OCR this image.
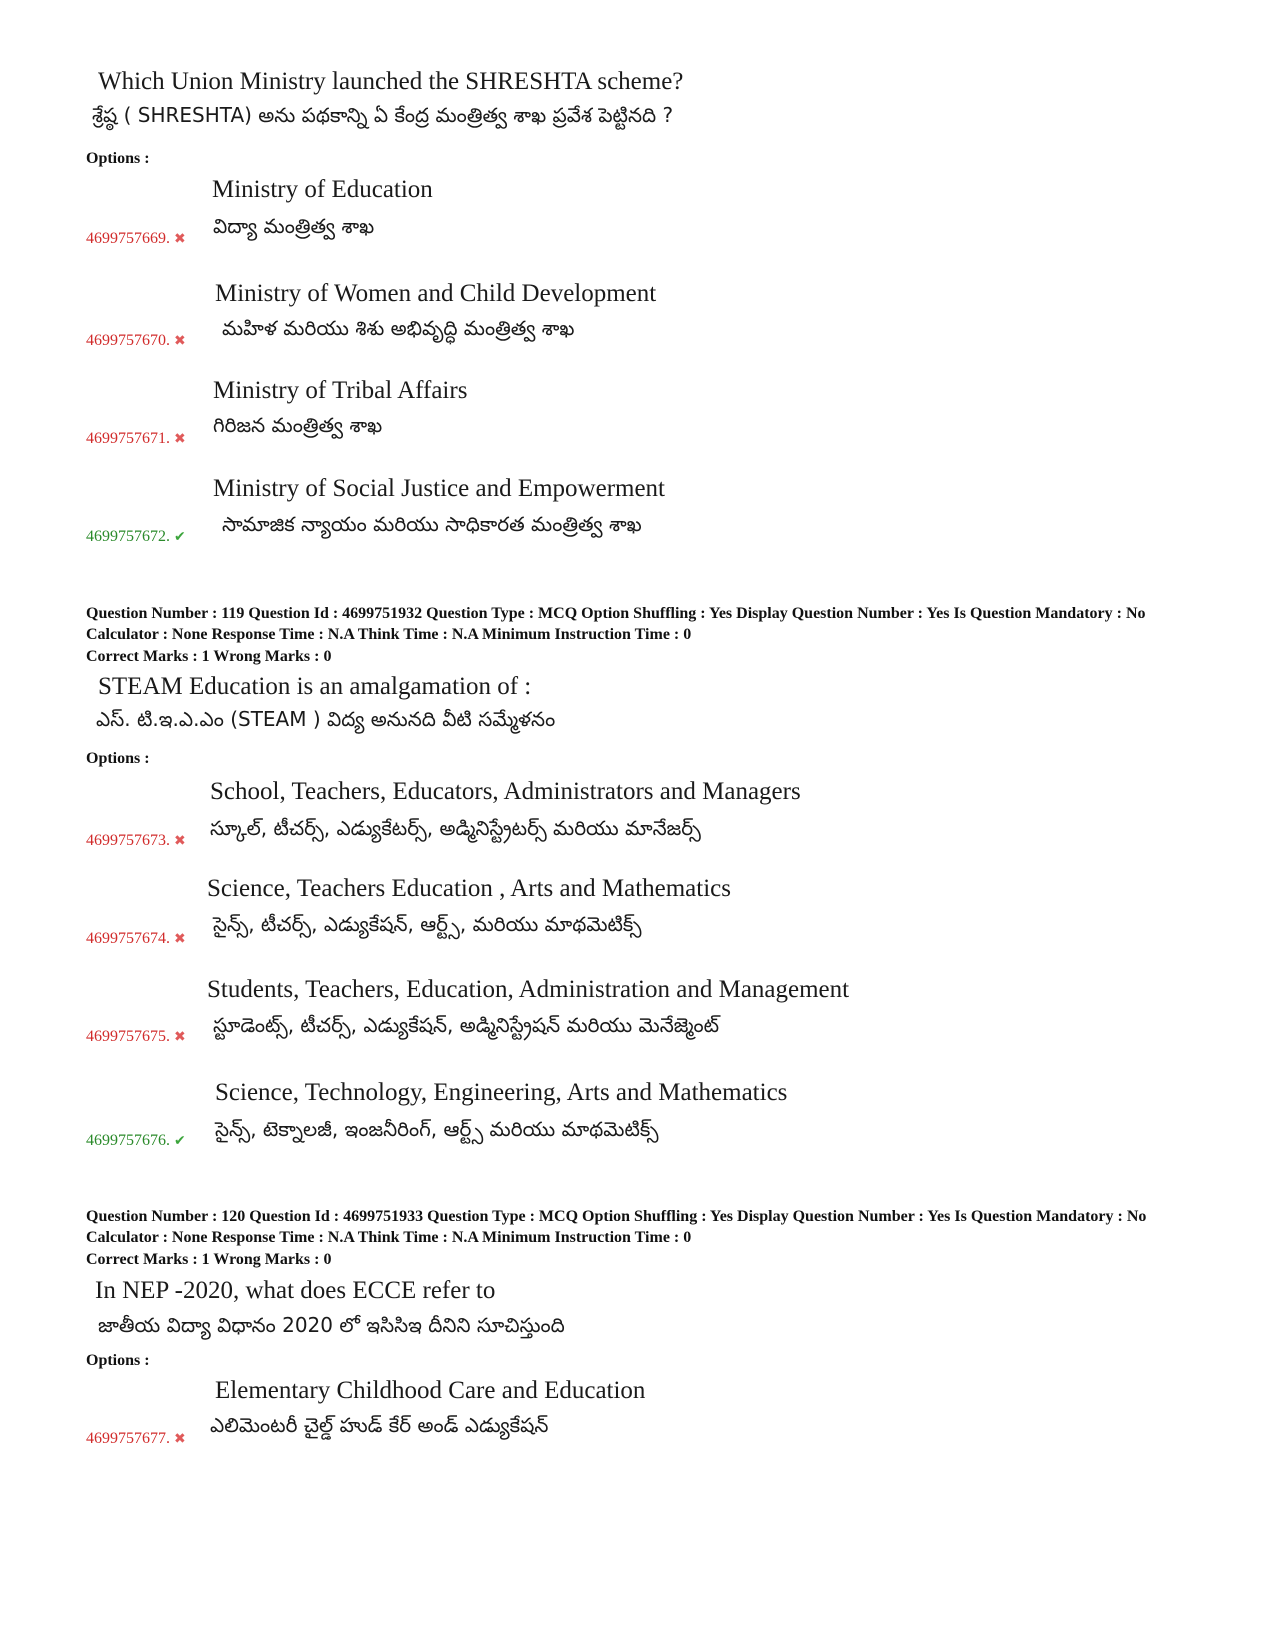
Which Union Ministry launched the SHRESHTA scheme?
శ్రేష్ఠ ( SHRESHTA) అను పథకాన్ని ఏ కేంద్ర మంత్రిత్వ శాఖ ప్రవేశ పెట్టినది ?
Options :
Ministry of Education
విద్యా మంత్రిత్వ శాఖ
4699757669. ✖
Ministry of Women and Child Development
మహిళ మరియు శిశు అభివృద్ధి మంత్రిత్వ శాఖ
4699757670. ✖
Ministry of Tribal Affairs
గిరిజన మంత్రిత్వ శాఖ
4699757671. ✖
Ministry of Social Justice and Empowerment
సామాజిక న్యాయం మరియు సాధికారత మంత్రిత్వ శాఖ
4699757672. ✔
Question Number : 119 Question Id : 4699751932 Question Type : MCQ Option Shuffling : Yes Display Question Number : Yes Is Question Mandatory : No Calculator : None Response Time : N.A Think Time : N.A Minimum Instruction Time : 0
Correct Marks : 1 Wrong Marks : 0
STEAM Education is an amalgamation of :
ఎస్. టి.ఇ.ఎ.ఎం (STEAM ) విద్య అనునది వీటి సమ్మేళనం
Options :
School, Teachers, Educators, Administrators and Managers
స్కూల్, టీచర్స్, ఎడ్యుకేటర్స్, అడ్మినిస్ట్రేటర్స్ మరియు మానేజర్స్
4699757673. ✖
Science, Teachers Education , Arts and Mathematics
సైన్స్, టీచర్స్, ఎడ్యుకేషన్, ఆర్ట్స్, మరియు మాథమెటిక్స్
4699757674. ✖
Students, Teachers, Education, Administration and Management
స్టూడెంట్స్, టీచర్స్, ఎడ్యుకేషన్, అడ్మినిస్ట్రేషన్ మరియు మెనేజ్మెంట్
4699757675. ✖
Science, Technology, Engineering, Arts and Mathematics
సైన్స్, టెక్నాలజీ, ఇంజనీరింగ్, ఆర్ట్స్ మరియు మాథమెటిక్స్
4699757676. ✔
Question Number : 120 Question Id : 4699751933 Question Type : MCQ Option Shuffling : Yes Display Question Number : Yes Is Question Mandatory : No Calculator : None Response Time : N.A Think Time : N.A Minimum Instruction Time : 0
Correct Marks : 1 Wrong Marks : 0
In NEP -2020, what does ECCE refer to
జాతీయ విద్యా విధానం 2020 లో ఇసిసిఇ దీనిని సూచిస్తుంది
Options :
Elementary Childhood Care and Education
ఎలిమెంటరీ చైల్డ్ హుడ్ కేర్ అండ్ ఎడ్యుకేషన్
4699757677. ✖
